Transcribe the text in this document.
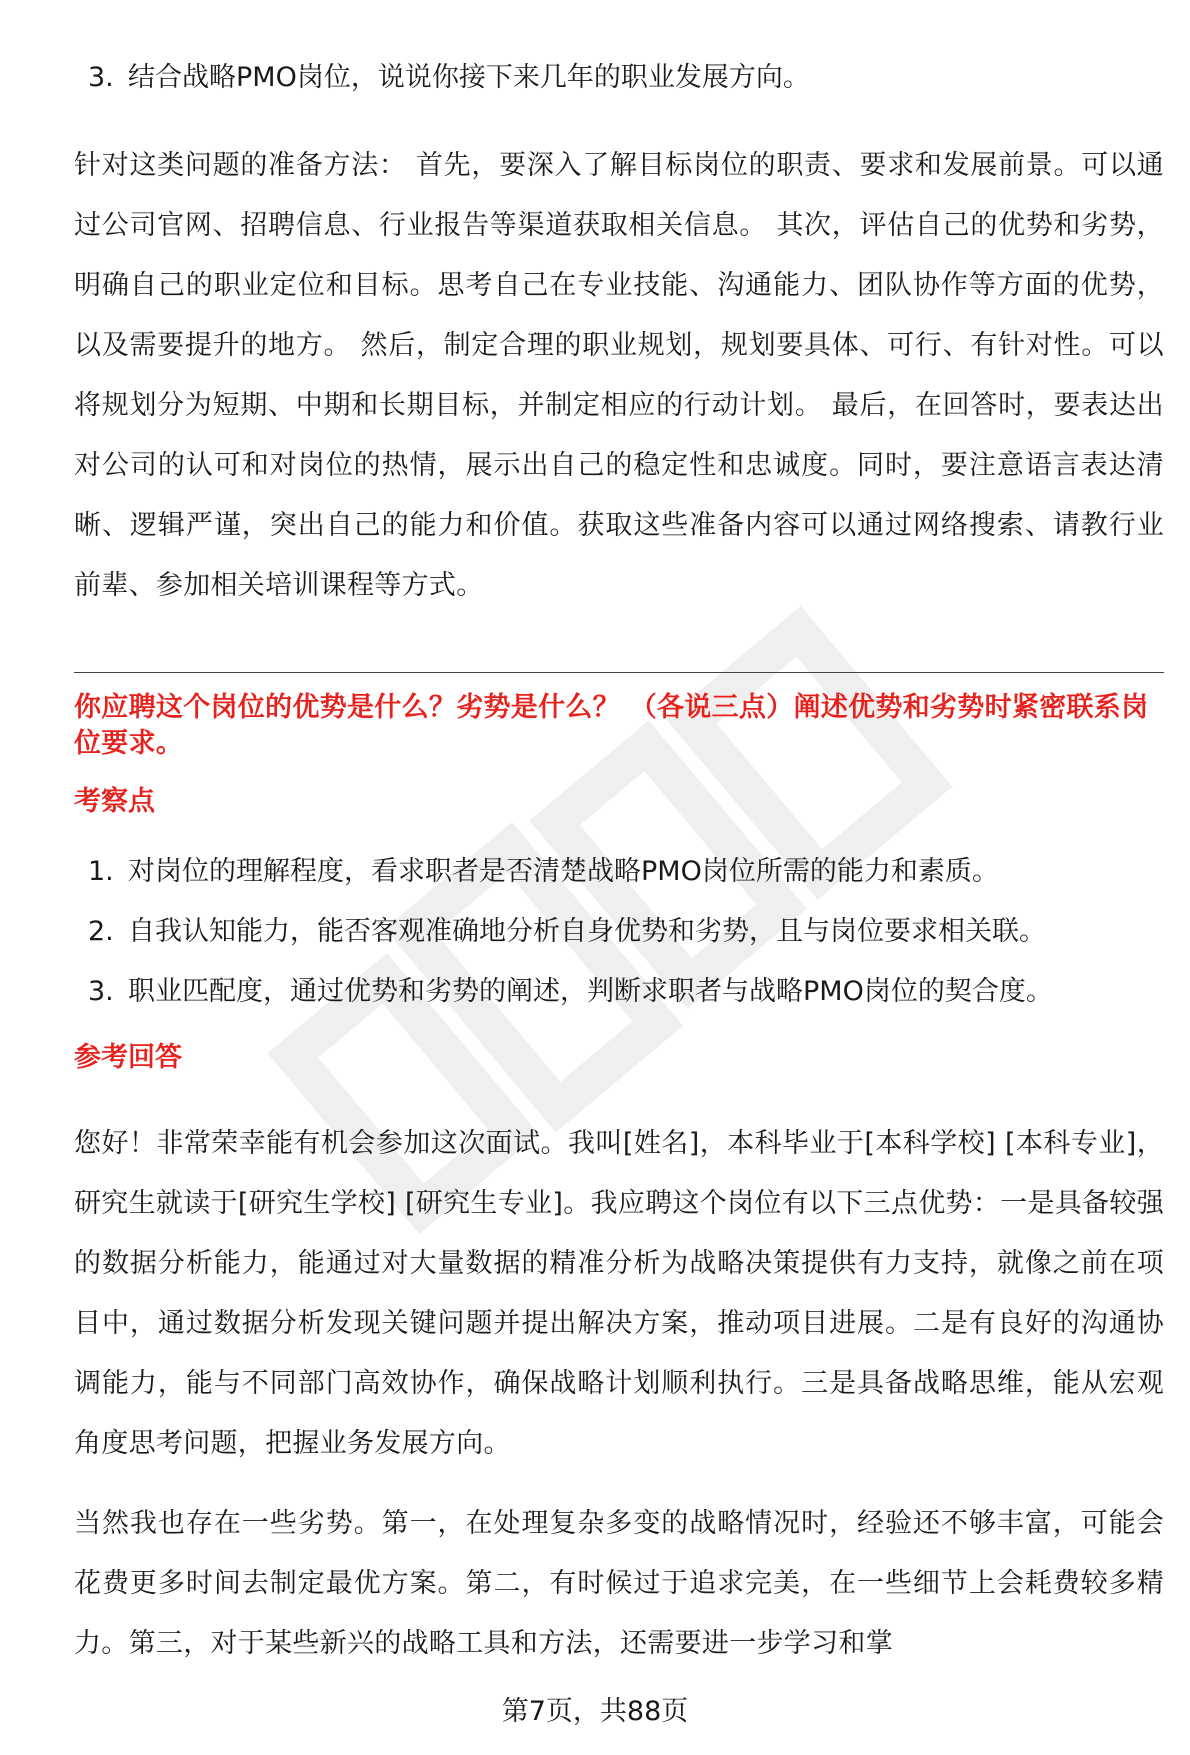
3. 结合战略PMO岗位，说说你接下来几年的职业发展方向。

针对这类问题的准备方法： 首先，要深入了解目标岗位的职责、要求和发展前景。可以通过公司官网、招聘信息、行业报告等渠道获取相关信息。 其次，评估自己的优势和劣势，明确自己的职业定位和目标。思考自己在专业技能、沟通能力、团队协作等方面的优势，以及需要提升的地方。 然后，制定合理的职业规划，规划要具体、可行、有针对性。可以将规划分为短期、中期和长期目标，并制定相应的行动计划。 最后，在回答时，要表达出对公司的认可和对岗位的热情，展示出自己的稳定性和忠诚度。同时，要注意语言表达清晰、逻辑严谨，突出自己的能力和价值。获取这些准备内容可以通过网络搜索、请教行业前辈、参加相关培训课程等方式。

你应聘这个岗位的优势是什么？劣势是什么？ （各说三点）阐述优势和劣势时紧密联系岗位要求。

考察点

1. 对岗位的理解程度，看求职者是否清楚战略PMO岗位所需的能力和素质。
2. 自我认知能力，能否客观准确地分析自身优势和劣势，且与岗位要求相关联。
3. 职业匹配度，通过优势和劣势的阐述，判断求职者与战略PMO岗位的契合度。

参考回答

您好！非常荣幸能有机会参加这次面试。我叫[姓名]，本科毕业于[本科学校] [本科专业]，研究生就读于[研究生学校] [研究生专业]。我应聘这个岗位有以下三点优势：一是具备较强的数据分析能力，能通过对大量数据的精准分析为战略决策提供有力支持，就像之前在项目中，通过数据分析发现关键问题并提出解决方案，推动项目进展。二是有良好的沟通协调能力，能与不同部门高效协作，确保战略计划顺利执行。三是具备战略思维，能从宏观角度思考问题，把握业务发展方向。

当然我也存在一些劣势。第一，在处理复杂多变的战略情况时，经验还不够丰富，可能会花费更多时间去制定最优方案。第二，有时候过于追求完美，在一些细节上会耗费较多精力。第三，对于某些新兴的战略工具和方法，还需要进一步学习和掌

第7页，共88页
